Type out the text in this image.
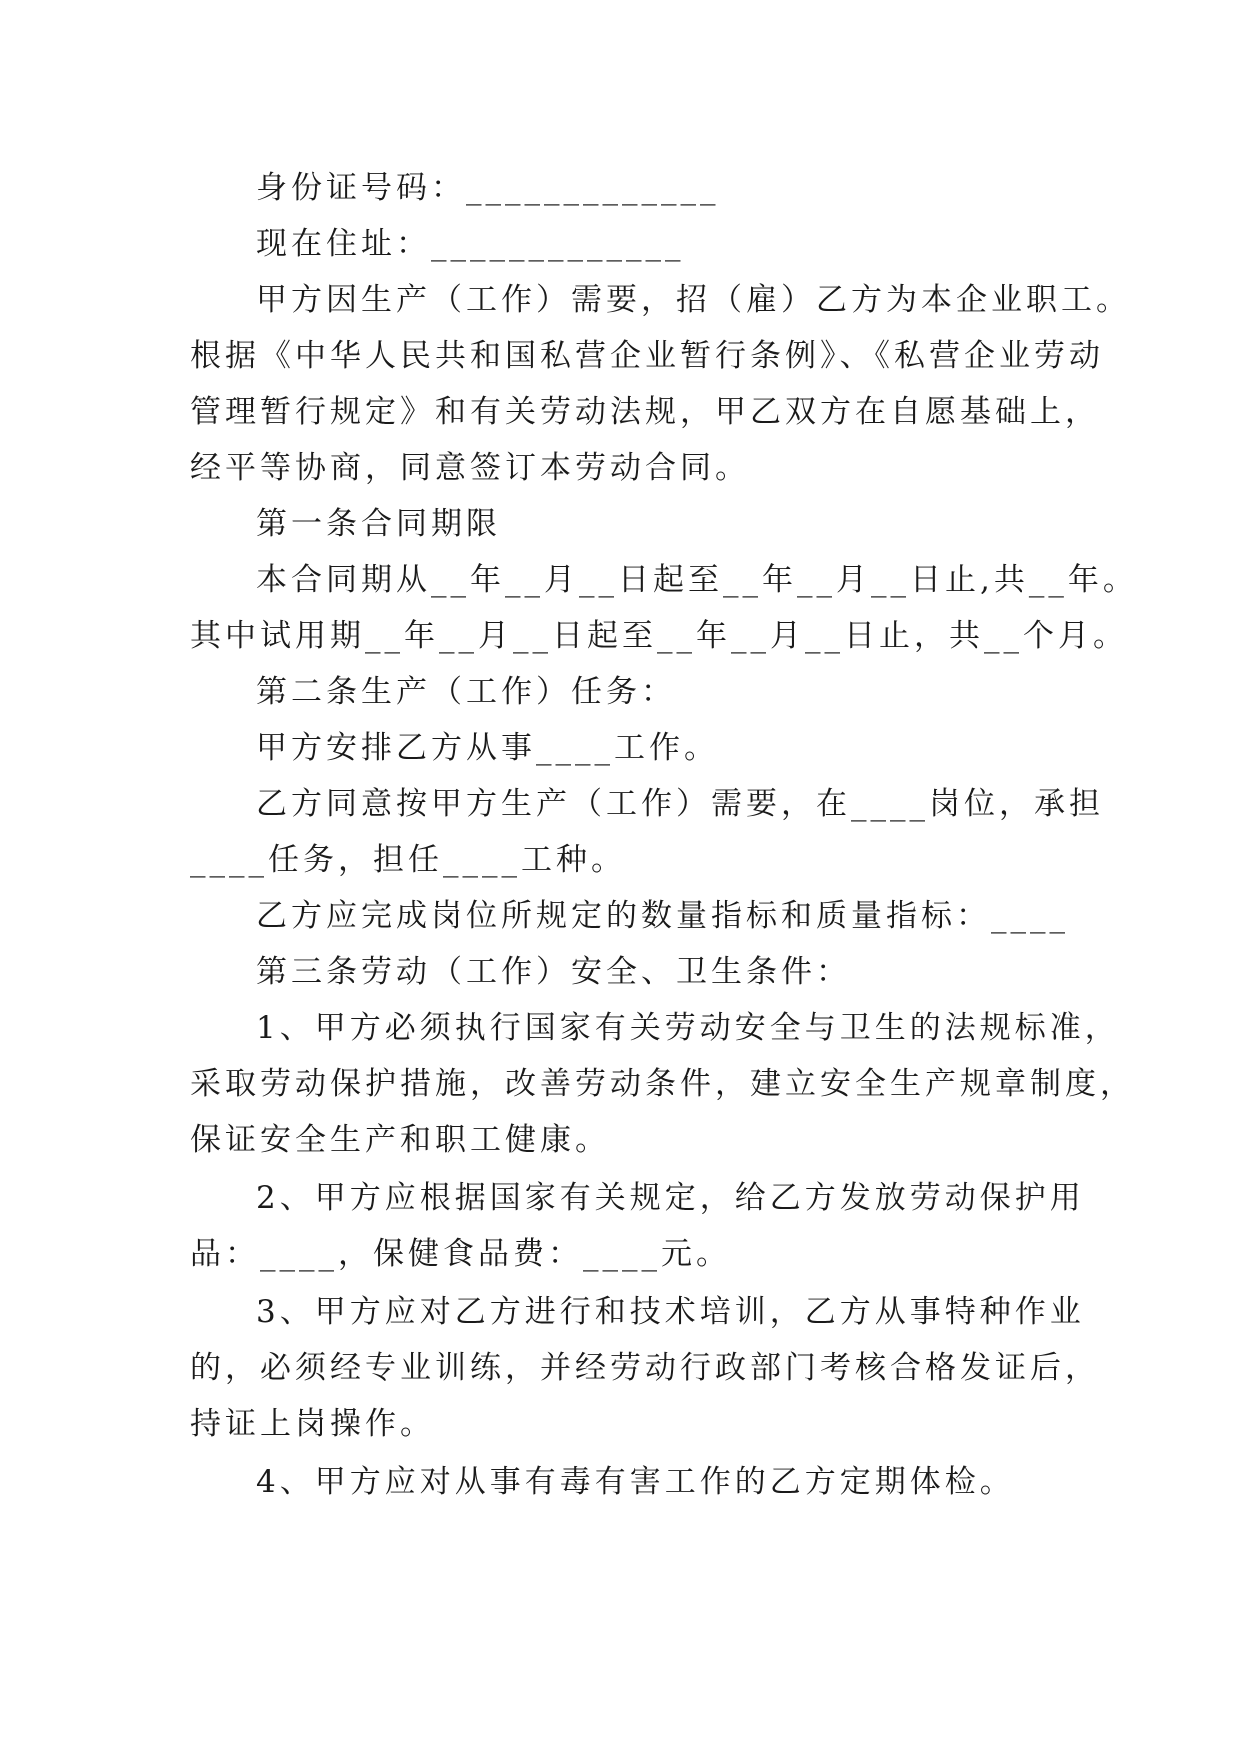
身份证号码：_____________
现在住址：_____________
甲方因生产（工作）需要，招（雇）乙方为本企业职工。
根据《中华人民共和国私营企业暂行条例》、《私营企业劳动
管理暂行规定》和有关劳动法规，甲乙双方在自愿基础上，
经平等协商，同意签订本劳动合同。
第一条合同期限
本合同期从__年__月__日起至__年__月__日止,共__年。
其中试用期__年__月__日起至__年__月__日止，共__个月。
第二条生产（工作）任务：
甲方安排乙方从事____工作。
乙方同意按甲方生产（工作）需要，在____岗位，承担
____任务，担任____工种。
乙方应完成岗位所规定的数量指标和质量指标：____
第三条劳动（工作）安全、卫生条件：
1、甲方必须执行国家有关劳动安全与卫生的法规标准，
采取劳动保护措施，改善劳动条件，建立安全生产规章制度，
保证安全生产和职工健康。
2、甲方应根据国家有关规定，给乙方发放劳动保护用
品：____，保健食品费：____元。
3、甲方应对乙方进行和技术培训，乙方从事特种作业
的，必须经专业训练，并经劳动行政部门考核合格发证后，
持证上岗操作。
4、甲方应对从事有毒有害工作的乙方定期体检。
